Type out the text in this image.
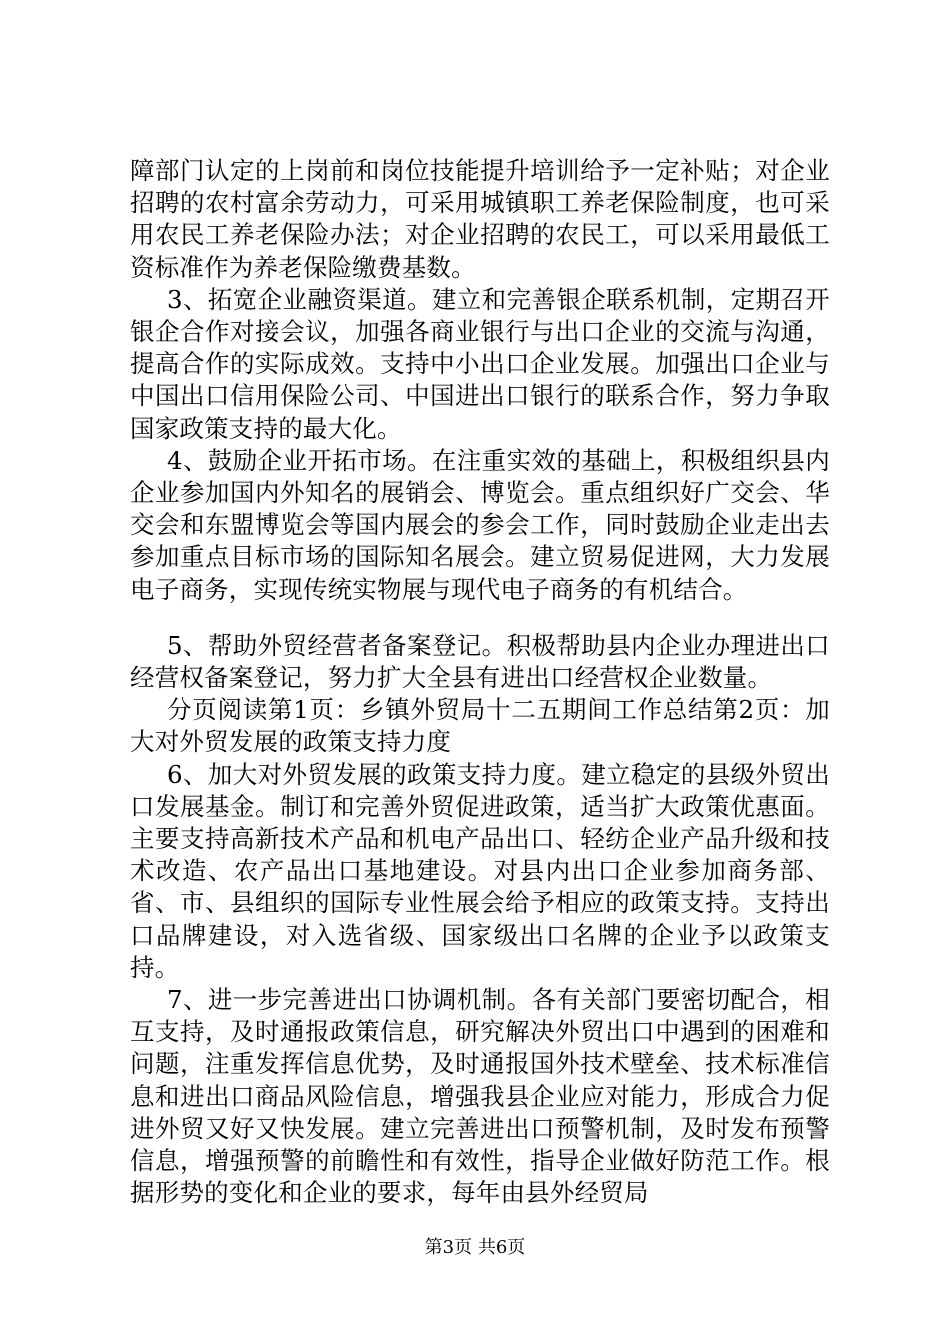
障部门认定的上岗前和岗位技能提升培训给予一定补贴；对企业招聘的农村富余劳动力，可采用城镇职工养老保险制度，也可采用农民工养老保险办法；对企业招聘的农民工，可以采用最低工资标准作为养老保险缴费基数。

3、拓宽企业融资渠道。建立和完善银企联系机制，定期召开银企合作对接会议，加强各商业银行与出口企业的交流与沟通，提高合作的实际成效。支持中小出口企业发展。加强出口企业与中国出口信用保险公司、中国进出口银行的联系合作，努力争取国家政策支持的最大化。

4、鼓励企业开拓市场。在注重实效的基础上，积极组织县内企业参加国内外知名的展销会、博览会。重点组织好广交会、华交会和东盟博览会等国内展会的参会工作，同时鼓励企业走出去参加重点目标市场的国际知名展会。建立贸易促进网，大力发展电子商务，实现传统实物展与现代电子商务的有机结合。

5、帮助外贸经营者备案登记。积极帮助县内企业办理进出口经营权备案登记，努力扩大全县有进出口经营权企业数量。

分页阅读第1页：乡镇外贸局十二五期间工作总结第2页：加大对外贸发展的政策支持力度

6、加大对外贸发展的政策支持力度。建立稳定的县级外贸出口发展基金。制订和完善外贸促进政策，适当扩大政策优惠面。主要支持高新技术产品和机电产品出口、轻纺企业产品升级和技术改造、农产品出口基地建设。对县内出口企业参加商务部、省、市、县组织的国际专业性展会给予相应的政策支持。支持出口品牌建设，对入选省级、国家级出口名牌的企业予以政策支持。

7、进一步完善进出口协调机制。各有关部门要密切配合，相互支持，及时通报政策信息，研究解决外贸出口中遇到的困难和问题，注重发挥信息优势，及时通报国外技术壁垒、技术标准信息和进出口商品风险信息，增强我县企业应对能力，形成合力促进外贸又好又快发展。建立完善进出口预警机制，及时发布预警信息，增强预警的前瞻性和有效性，指导企业做好防范工作。根据形势的变化和企业的要求，每年由县外经贸局

第3页 共6页
